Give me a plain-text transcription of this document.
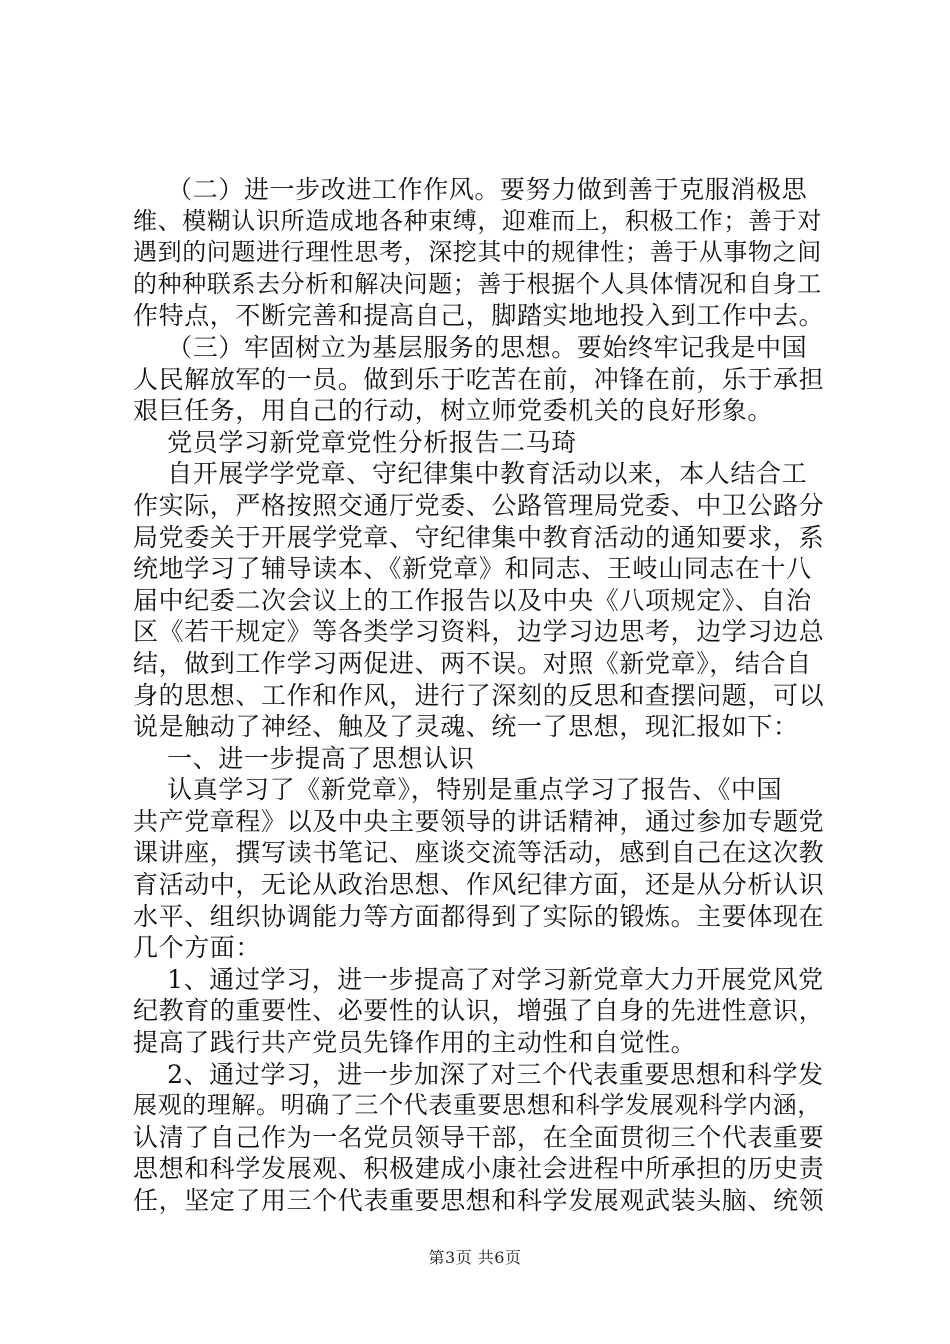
（二）进一步改进工作作风。要努力做到善于克服消极思
维、模糊认识所造成地各种束缚，迎难而上，积极工作；善于对
遇到的问题进行理性思考，深挖其中的规律性；善于从事物之间
的种种联系去分析和解决问题；善于根据个人具体情况和自身工
作特点，不断完善和提高自己，脚踏实地地投入到工作中去。
（三）牢固树立为基层服务的思想。要始终牢记我是中国
人民解放军的一员。做到乐于吃苦在前，冲锋在前，乐于承担
艰巨任务，用自己的行动，树立师党委机关的良好形象。
党员学习新党章党性分析报告二马琦
自开展学学党章、守纪律集中教育活动以来，本人结合工
作实际，严格按照交通厅党委、公路管理局党委、中卫公路分
局党委关于开展学党章、守纪律集中教育活动的通知要求，系
统地学习了辅导读本、《新党章》和同志、王岐山同志在十八
届中纪委二次会议上的工作报告以及中央《八项规定》、自治
区《若干规定》等各类学习资料，边学习边思考，边学习边总
结，做到工作学习两促进、两不误。对照《新党章》，结合自
身的思想、工作和作风，进行了深刻的反思和查摆问题，可以
说是触动了神经、触及了灵魂、统一了思想，现汇报如下：
一、进一步提高了思想认识
认真学习了《新党章》，特别是重点学习了报告、《中国
共产党章程》以及中央主要领导的讲话精神，通过参加专题党
课讲座，撰写读书笔记、座谈交流等活动，感到自己在这次教
育活动中，无论从政治思想、作风纪律方面，还是从分析认识
水平、组织协调能力等方面都得到了实际的锻炼。主要体现在
几个方面：
1、通过学习，进一步提高了对学习新党章大力开展党风党
纪教育的重要性、必要性的认识，增强了自身的先进性意识，
提高了践行共产党员先锋作用的主动性和自觉性。
2、通过学习，进一步加深了对三个代表重要思想和科学发
展观的理解。明确了三个代表重要思想和科学发展观科学内涵，
认清了自己作为一名党员领导干部，在全面贯彻三个代表重要
思想和科学发展观、积极建成小康社会进程中所承担的历史责
任，坚定了用三个代表重要思想和科学发展观武装头脑、统领
第3页 共6页
